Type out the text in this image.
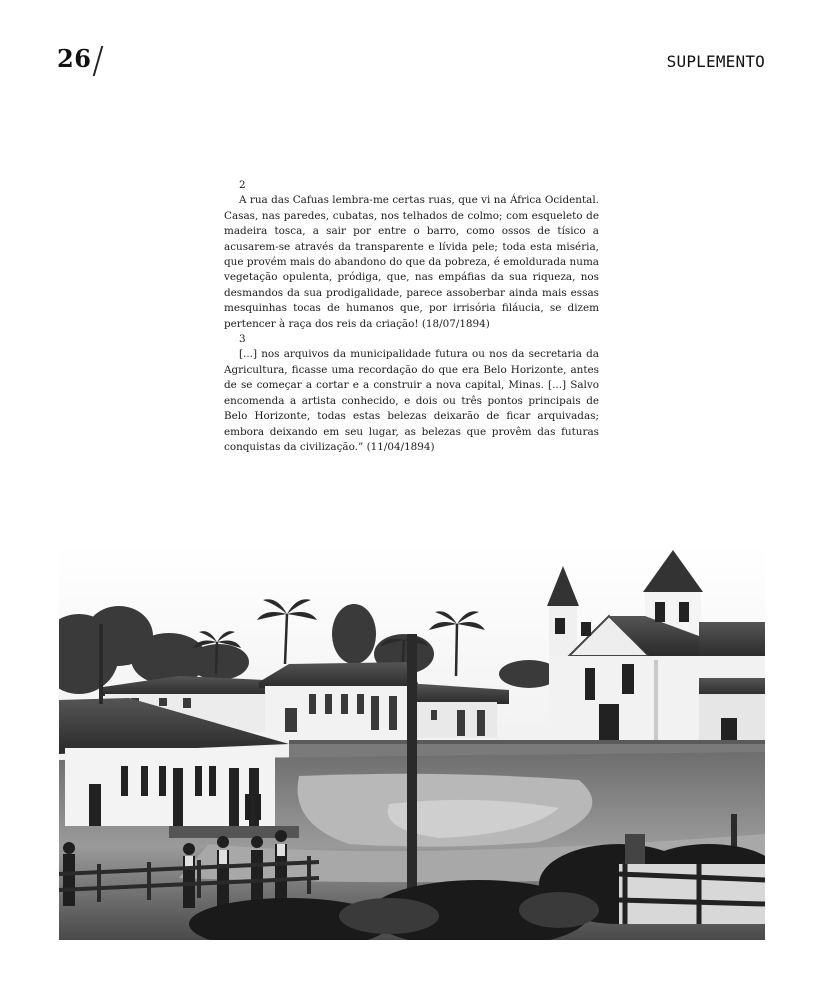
26	SUPLEMENTO
2

A rua das Cafuas lembra-me certas ruas, que vi na África Ocidental. Casas, nas paredes, cubatas, nos telhados de colmo; com esqueleto de madeira tosca, a sair por entre o barro, como ossos de tísico a acusarem-se através da transparente e lívida pele; toda esta miséria, que provém mais do abandono do que da pobreza, é emoldurada numa vegetação opulenta, pródiga, que, nas empáfias da sua riqueza, nos desmandos da sua prodigalidade, parece assoberbar ainda mais essas mesquinhas tocas de humanos que, por irrisória filáucia, se dizem pertencer à raça dos reis da criação! (18/07/1894)

3

[...] nos arquivos da municipalidade futura ou nos da secretaria da Agricultura, ficasse uma recordação do que era Belo Horizonte, antes de se começar a cortar e a construir a nova capital, Minas. [...] Salvo encomenda a artista conhecido, e dois ou três pontos principais de Belo Horizonte, todas estas belezas deixarão de ficar arquivadas; embora deixando em seu lugar, as belezas que provêm das futuras conquistas da civilização.” (11/04/1894)
